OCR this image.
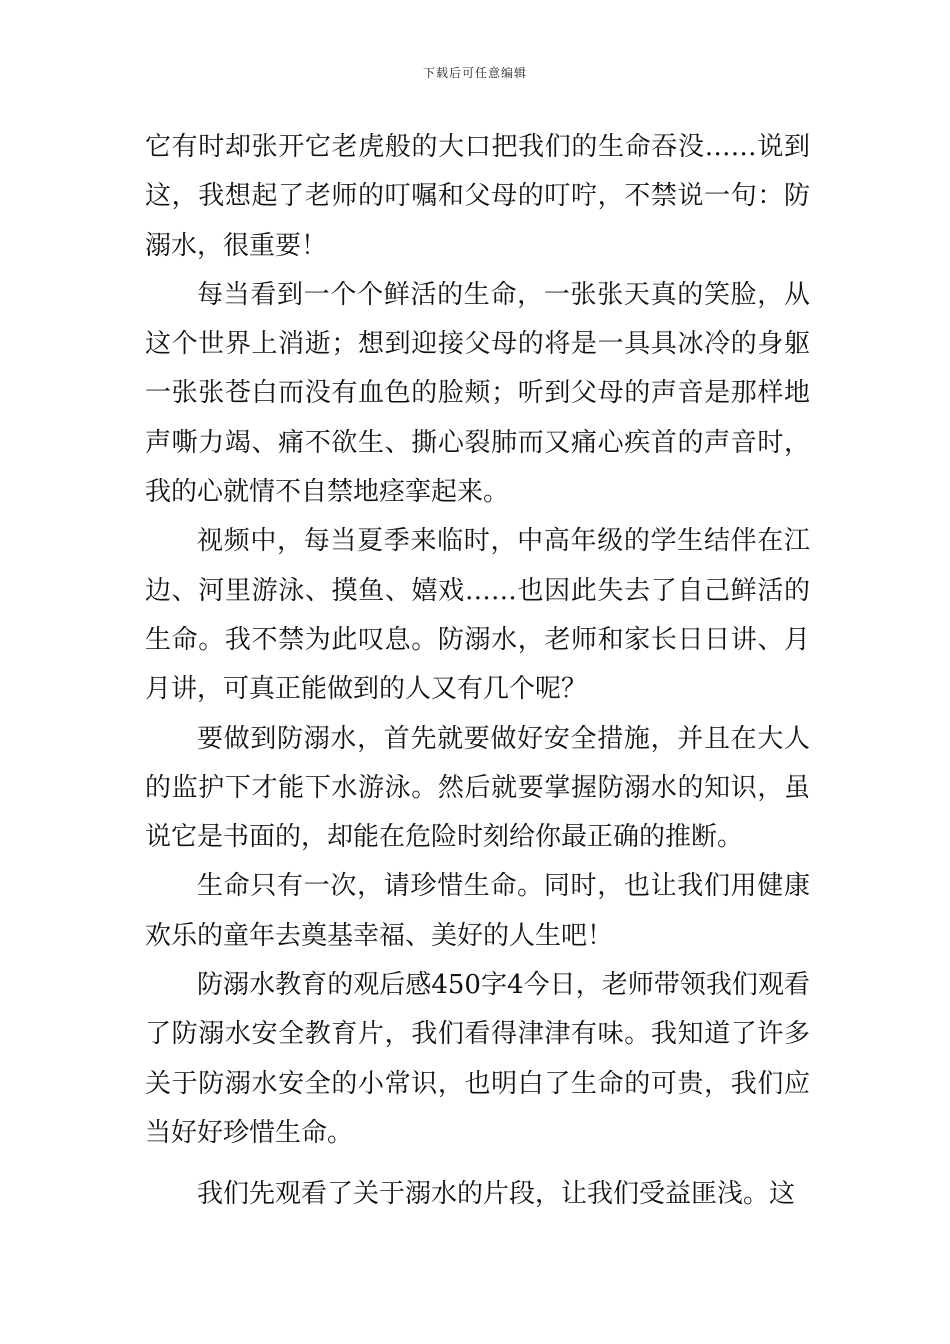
下载后可任意编辑

它有时却张开它老虎般的大口把我们的生命吞没……说到这，我想起了老师的叮嘱和父母的叮咛，不禁说一句：防溺水，很重要！

每当看到一个个鲜活的生命，一张张天真的笑脸，从这个世界上消逝；想到迎接父母的将是一具具冰冷的身躯一张张苍白而没有血色的脸颊；听到父母的声音是那样地声嘶力竭、痛不欲生、撕心裂肺而又痛心疾首的声音时，我的心就情不自禁地痉挛起来。

视频中，每当夏季来临时，中高年级的学生结伴在江边、河里游泳、摸鱼、嬉戏……也因此失去了自己鲜活的生命。我不禁为此叹息。防溺水，老师和家长日日讲、月月讲，可真正能做到的人又有几个呢？

要做到防溺水，首先就要做好安全措施，并且在大人的监护下才能下水游泳。然后就要掌握防溺水的知识，虽说它是书面的，却能在危险时刻给你最正确的推断。

生命只有一次，请珍惜生命。同时，也让我们用健康欢乐的童年去奠基幸福、美好的人生吧！

防溺水教育的观后感450字4今日，老师带领我们观看了防溺水安全教育片，我们看得津津有味。我知道了许多关于防溺水安全的小常识，也明白了生命的可贵，我们应当好好珍惜生命。

我们先观看了关于溺水的片段，让我们受益匪浅。这
